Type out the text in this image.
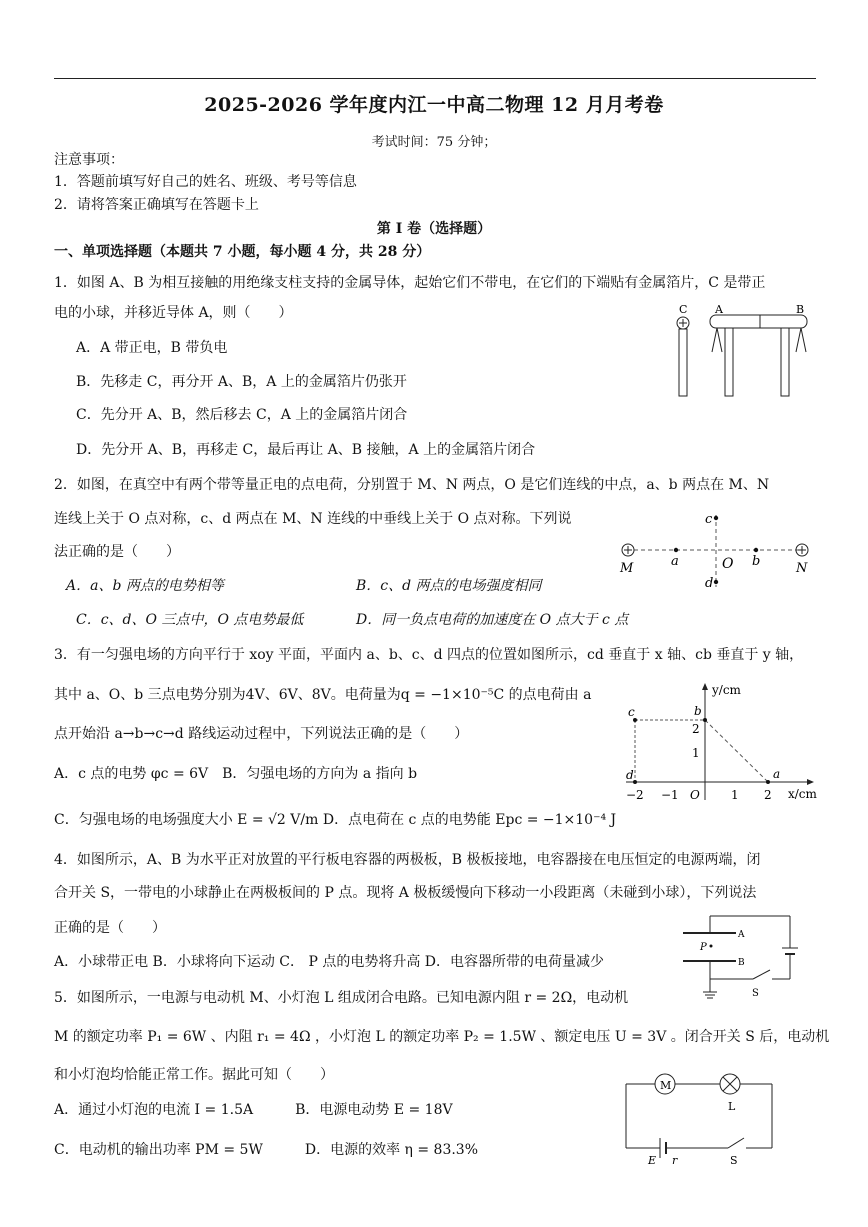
2025-2026 学年度内江一中高二物理 12 月月考卷
考试时间：75 分钟；
注意事项：
1．答题前填写好自己的姓名、班级、考号等信息
2．请将答案正确填写在答题卡上
第 I 卷（选择题）
一、单项选择题（本题共 7 小题，每小题 4 分，共 28 分）
1．如图 A、B 为相互接触的用绝缘支柱支持的金属导体，起始它们不带电，在它们的下端贴有金属箔片，C 是带正
电的小球，并移近导体 A，则（　　）
A．A 带正电，B 带负电
B．先移走 C，再分开 A、B，A 上的金属箔片仍张开
C．先分开 A、B，然后移去 C，A 上的金属箔片闭合
D．先分开 A、B，再移走 C，最后再让 A、B 接触，A 上的金属箔片闭合
C	A	B
2．如图，在真空中有两个带等量正电的点电荷，分别置于 M、N 两点，O 是它们连线的中点，a、b 两点在 M、N
连线上关于 O 点对称，c、d 两点在 M、N 连线的中垂线上关于 O 点对称。下列说
法正确的是（　　）
A．a、b 两点的电势相等	B．c、d 两点的电场强度相同
C．c、d、O 三点中，O 点电势最低	D．同一负点电荷的加速度在 O 点大于 c 点
M	N
O
a	b
c
d
3．有一匀强电场的方向平行于 xoy 平面，平面内 a、b、c、d 四点的位置如图所示，cd 垂直于 x 轴、cb 垂直于 y 轴，
其中 a、O、b 三点电势分别为4V、6V、8V。电荷量为q = −1×10⁻⁵C 的点电荷由 a
点开始沿 a→b→c→d 路线运动过程中，下列说法正确的是（　　）
A．c 点的电势 φc = 6V　B．匀强电场的方向为 a 指向 b
C．匀强电场的电场强度大小 E = √2 V/m D．点电荷在 c 点的电势能 Epc = −1×10⁻⁴ J
y/cm
x/cm
−2 −1 O	1 2
2
1
a
b
c
d
4．如图所示，A、B 为水平正对放置的平行板电容器的两极板，B 极板接地，电容器接在电压恒定的电源两端，闭
合开关 S，一带电的小球静止在两极板间的 P 点。现将 A 极板缓慢向下移动一小段距离（未碰到小球），下列说法
正确的是（　　）
A．小球带正电 B．小球将向下运动 C． P 点的电势将升高 D．电容器所带的电荷量减少
A
B
P
S
5．如图所示，一电源与电动机 M、小灯泡 L 组成闭合电路。已知电源内阻 r = 2Ω，电动机
M 的额定功率 P₁ = 6W 、内阻 r₁ = 4Ω ，小灯泡 L 的额定功率 P₂ = 1.5W 、额定电压 U = 3V 。闭合开关 S 后，电动机
和小灯泡均恰能正常工作。据此可知（　　）
A．通过小灯泡的电流 I = 1.5A　　　B．电源电动势 E = 18V
C．电动机的输出功率 PM = 5W　　　D．电源的效率 η = 83.3%
M
L
E r	S
